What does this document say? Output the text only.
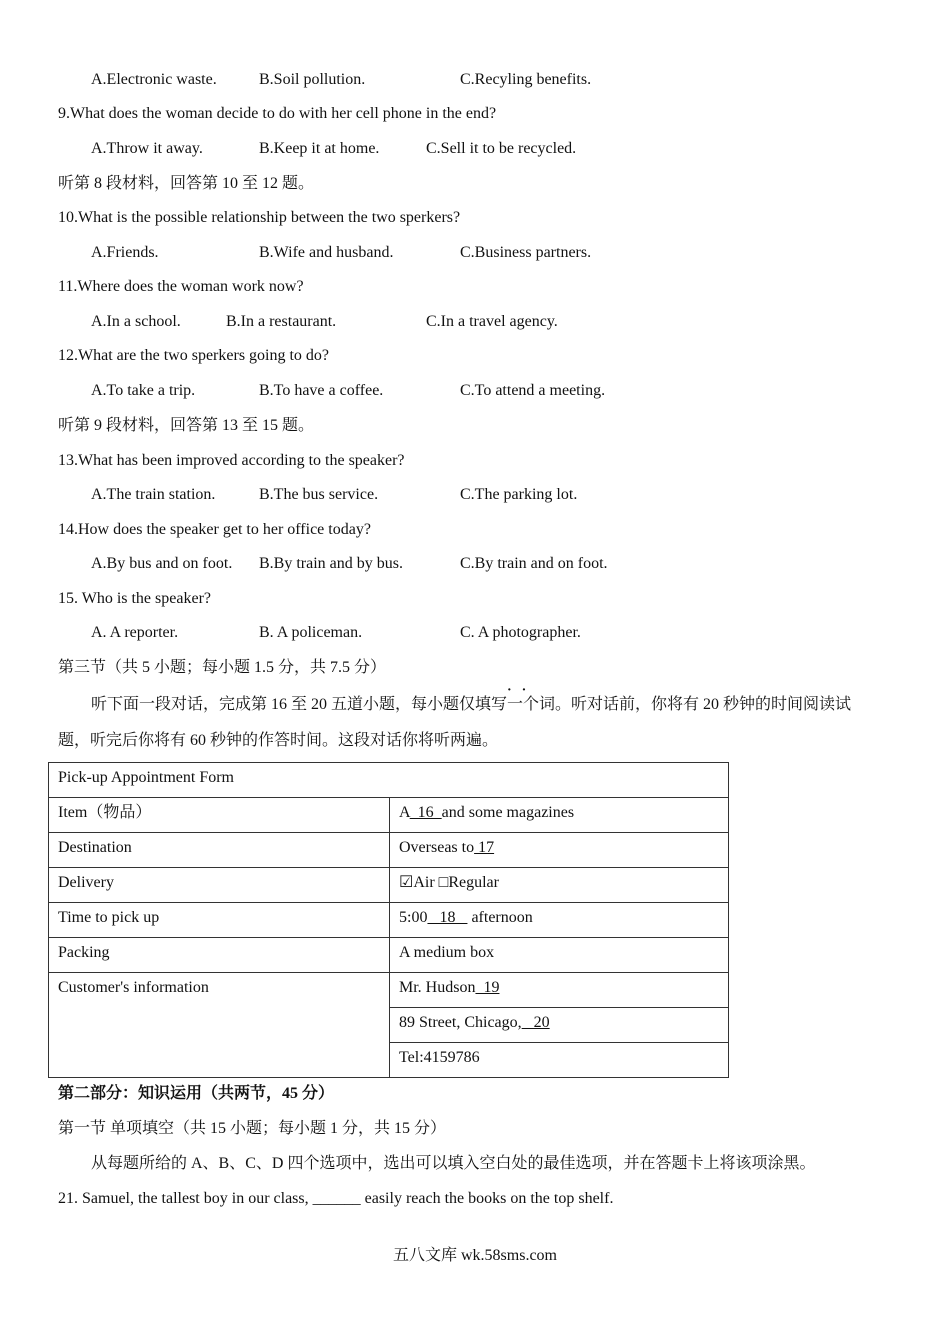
A.Electronic waste.	B.Soil pollution.	C.Recyling benefits.
9.What does the woman decide to do with her cell phone in the end?
A.Throw it away.	B.Keep it at home.	C.Sell it to be recycled.
听第 8 段材料，回答第 10 至 12 题。
10.What is the possible relationship between the two sperkers?
A.Friends.	B.Wife and husband.	C.Business partners.
11.Where does the woman work now?
A.In a school.	B.In a restaurant.	C.In a travel agency.
12.What are the two sperkers going to do?
A.To take a trip.	B.To have a coffee.	C.To attend a meeting.
听第 9 段材料，回答第 13 至 15 题。
13.What has been improved according to the speaker?
A.The train station.	B.The bus service.	C.The parking lot.
14.How does the speaker get to her office today?
A.By bus and on foot. B.By train and by bus.	C.By train and on foot.
15. Who is the speaker?
A. A reporter.	B. A policeman.	C. A photographer.
第三节（共 5 小题；每小题 1.5 分，共 7.5 分）
听下面一段对话，完成第 16 至 20 五道小题，每小题仅填写· · 一个词。听对话前，你将有 20 秒钟的时间阅读试
题，听完后你将有 60 秒钟的作答时间。这段对话你将听两遍。
Pick-up Appointment Form	
Item（物品）	A  16  and some magazines
Destination	Overseas to 17
Delivery	☑Air □Regular
Time to pick up	5:00   18    afternoon
Packing	A medium box
Customer's information	Mr. Hudson  19
	89 Street, Chicago,   20
	Tel:4159786
第二部分：知识运用（共两节，45 分）
第一节 单项填空（共 15 小题；每小题 1 分，共 15 分）
从每题所给的 A、B、C、D 四个选项中，选出可以填入空白处的最佳选项，并在答题卡上将该项涂黑。
21. Samuel, the tallest boy in our class, ______ easily reach the books on the top shelf.
五八文库 wk.58sms.com
